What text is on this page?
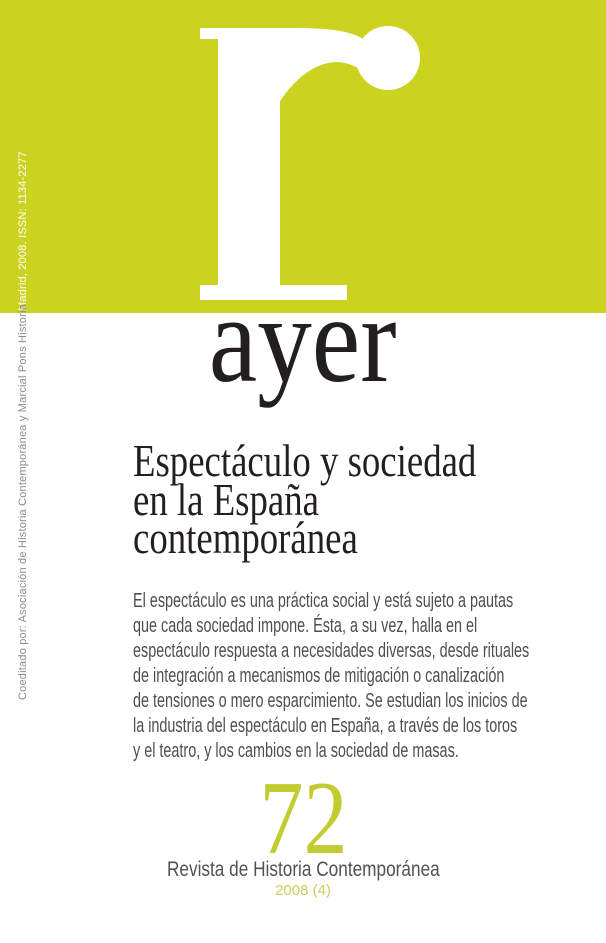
Madrid, 2008. ISSN: 1134-2277
Coeditado por: Asociación de Historia Contemporánea y Marcial Pons Historia	ayer
Espectáculo y sociedad
en la España
contemporánea
El espectáculo es una práctica social y está sujeto a pautas
que cada sociedad impone. Ésta, a su vez, halla en el
espectáculo respuesta a necesidades diversas, desde rituales
de integración a mecanismos de mitigación o canalización
de tensiones o mero esparcimiento. Se estudian los inicios de
la industria del espectáculo en España, a través de los toros
y el teatro, y los cambios en la sociedad de masas.
72
Revista de Historia Contemporánea
2008 (4)
